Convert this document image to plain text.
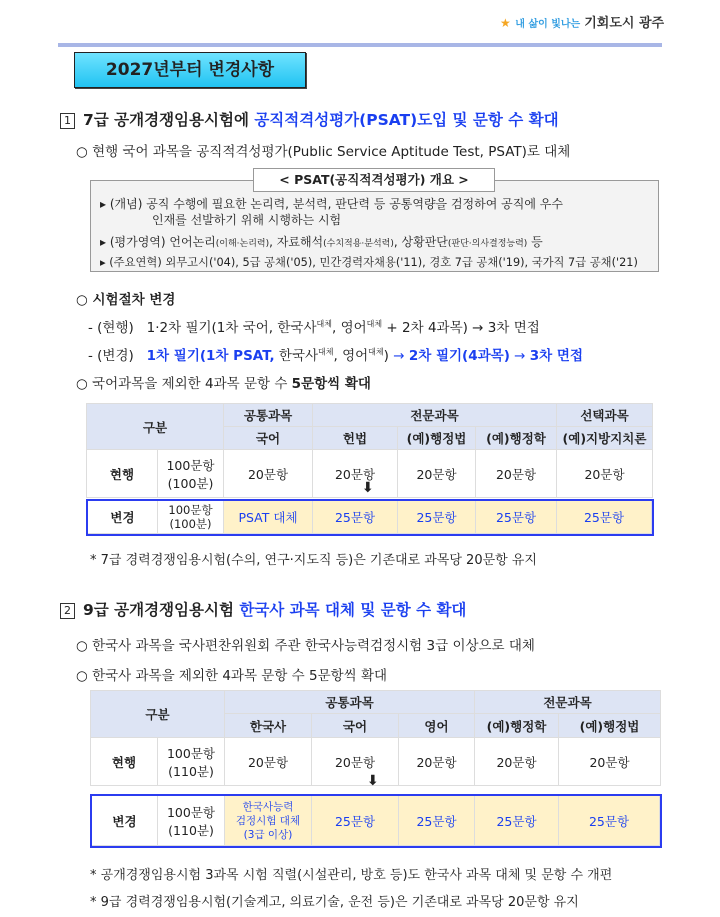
★ 내 삶이 빛나는 기회도시 광주
2027년부터 변경사항
1 7급 공개경쟁임용시험에 공직적격성평가(PSAT)도입 및 문항 수 확대
○ 현행 국어 과목을 공직적격성평가(Public Service Aptitude Test, PSAT)로 대체
< PSAT(공직적격성평가) 개요 >
▸ (개념) 공직 수행에 필요한 논리력, 분석력, 판단력 등 공통역량을 검정하여 공직에 우수
인재를 선발하기 위해 시행하는 시험
▸ (평가영역) 언어논리(이해·논리력), 자료해석(수치적용·분석력), 상황판단(판단·의사결정능력) 등
▸ (주요연혁) 외무고시('04), 5급 공채('05), 민간경력자채용('11), 경호 7급 공채('19), 국가직 7급 공채('21)
○ 시험절차 변경
- (현행) 1·2차 필기(1차 국어, 한국사$^{대체}$, 영어$^{대체}$ + 2차 4과목) → 3차 면접
- (변경) 1차 필기(1차 PSAT, 한국사$^{대체}$, 영어$^{대체}$) → 2차 필기(4과목) → 3차 면접
○ 국어과목을 제외한 4과목 문항 수 5문항씩 확대
구분		공통과목	전문과목			선택과목
		국어	헌법	(예)행정법	(예)행정학	(예)지방지치론
현행	100문항
(100분)	20문항	20문항	20문항	20문항	20문항
⬇
변경	100문항
(100분)	PSAT 대체	25문항	25문항	25문항	25문항
* 7급 경력경쟁임용시험(수의, 연구·지도직 등)은 기존대로 과목당 20문항 유지
2 9급 공개경쟁임용시험 한국사 과목 대체 및 문항 수 확대
○ 한국사 과목을 국사편찬위원회 주관 한국사능력검정시험 3급 이상으로 대체
○ 한국사 과목을 제외한 4과목 문항 수 5문항씩 확대
구분		공통과목			전문과목	
		한국사	국어	영어	(예)행정학	(예)행정법
현행	100문항
(110분)	20문항	20문항	20문항	20문항	20문항
⬇
변경	100문항
(110분)	한국사능력
검정시험 대체
(3급 이상)	25문항	25문항	25문항	25문항
* 공개경쟁임용시험 3과목 시험 직렬(시설관리, 방호 등)도 한국사 과목 대체 및 문항 수 개편
* 9급 경력경쟁임용시험(기술계고, 의료기술, 운전 등)은 기존대로 과목당 20문항 유지
